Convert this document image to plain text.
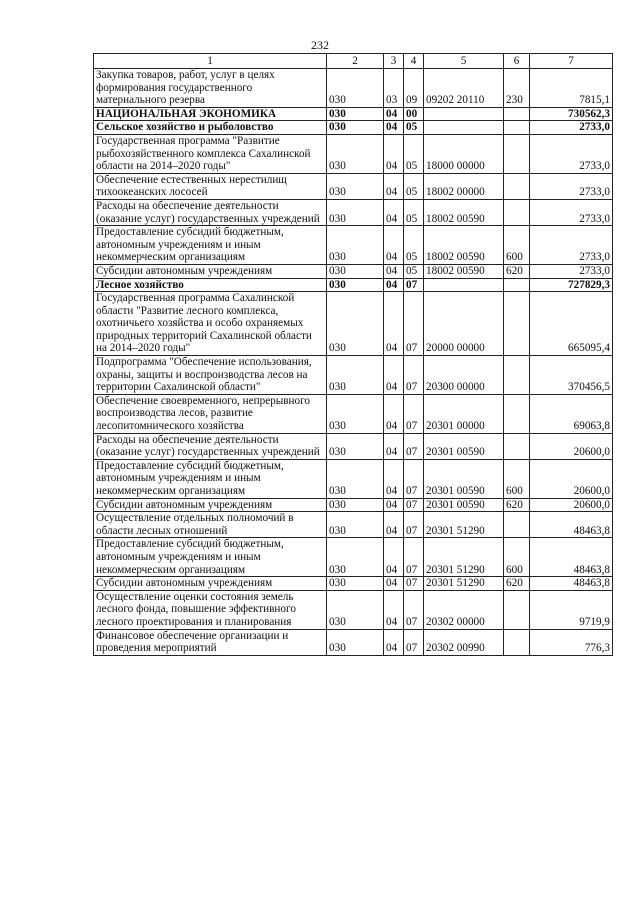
232
1	2	3	4	5	6	7
Закупка товаров, работ, услуг в целях формирования государственного материального резерва	030	03	09	09202 20110	230	7815,1
НАЦИОНАЛЬНАЯ ЭКОНОМИКА	030	04	00			730562,3
Сельское хозяйство и рыболовство	030	04	05			2733,0
Государственная программа "Развитие рыбохозяйственного комплекса Сахалинской области на 2014–2020 годы"	030	04	05	18000 00000		2733,0
Обеспечение естественных нерестилищ тихоокеанских лососей	030	04	05	18002 00000		2733,0
Расходы на обеспечение деятельности (оказание услуг) государственных учреждений	030	04	05	18002 00590		2733,0
Предоставление субсидий бюджетным, автономным учреждениям и иным некоммерческим организациям	030	04	05	18002 00590	600	2733,0
Субсидии автономным учреждениям	030	04	05	18002 00590	620	2733,0
Лесное хозяйство	030	04	07			727829,3
Государственная программа Сахалинской области "Развитие лесного комплекса, охотничьего хозяйства и особо охраняемых природных территорий Сахалинской области на 2014–2020 годы"	030	04	07	20000 00000		665095,4
Подпрограмма "Обеспечение использования, охраны, защиты и воспроизводства лесов на территории Сахалинской области"	030	04	07	20300 00000		370456,5
Обеспечение своевременного, непрерывного воспроизводства лесов, развитие лесопитомнического хозяйства	030	04	07	20301 00000		69063,8
Расходы на обеспечение деятельности (оказание услуг) государственных учреждений	030	04	07	20301 00590		20600,0
Предоставление субсидий бюджетным, автономным учреждениям и иным некоммерческим организациям	030	04	07	20301 00590	600	20600,0
Субсидии автономным учреждениям	030	04	07	20301 00590	620	20600,0
Осуществление отдельных полномочий в области лесных отношений	030	04	07	20301 51290		48463,8
Предоставление субсидий бюджетным, автономным учреждениям и иным некоммерческим организациям	030	04	07	20301 51290	600	48463,8
Субсидии автономным учреждениям	030	04	07	20301 51290	620	48463,8
Осуществление оценки состояния земель лесного фонда, повышение эффективного лесного проектирования и планирования	030	04	07	20302 00000		9719,9
Финансовое обеспечение организации и проведения мероприятий	030	04	07	20302 00990		776,3
